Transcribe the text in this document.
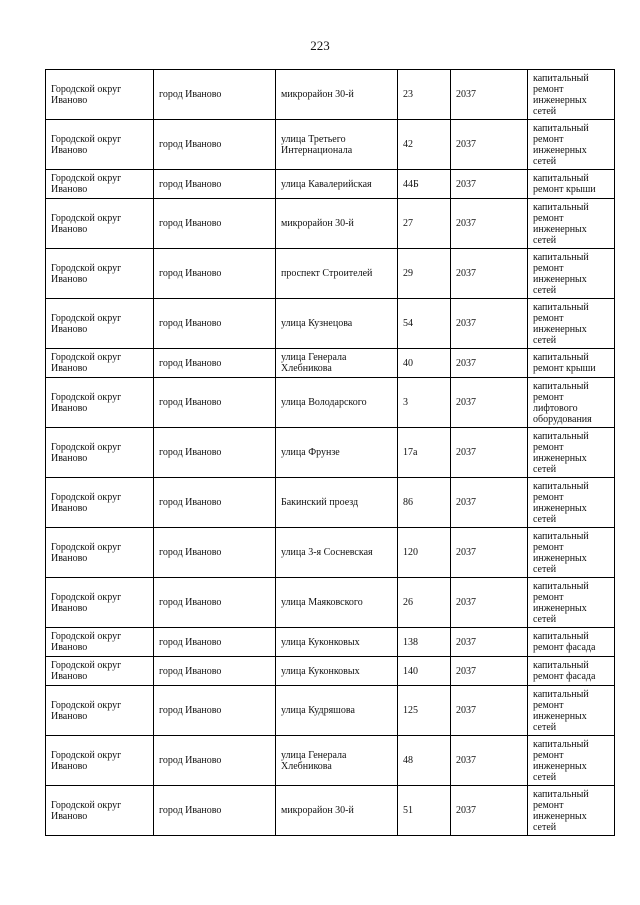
223
Городской округ Иваново	город Иваново	микрорайон 30-й	23	2037	капитальный ремонт инженерных сетей
Городской округ Иваново	город Иваново	улица Третьего Интернационала	42	2037	капитальный ремонт инженерных сетей
Городской округ Иваново	город Иваново	улица Кавалерийская	44Б	2037	капитальный ремонт крыши
Городской округ Иваново	город Иваново	микрорайон 30-й	27	2037	капитальный ремонт инженерных сетей
Городской округ Иваново	город Иваново	проспект Строителей	29	2037	капитальный ремонт инженерных сетей
Городской округ Иваново	город Иваново	улица Кузнецова	54	2037	капитальный ремонт инженерных сетей
Городской округ Иваново	город Иваново	улица Генерала Хлебникова	40	2037	капитальный ремонт крыши
Городской округ Иваново	город Иваново	улица Володарского	3	2037	капитальный ремонт лифтового оборудования
Городской округ Иваново	город Иваново	улица Фрунзе	17а	2037	капитальный ремонт инженерных сетей
Городской округ Иваново	город Иваново	Бакинский проезд	86	2037	капитальный ремонт инженерных сетей
Городской округ Иваново	город Иваново	улица 3-я Сосневская	120	2037	капитальный ремонт инженерных сетей
Городской округ Иваново	город Иваново	улица Маяковского	26	2037	капитальный ремонт инженерных сетей
Городской округ Иваново	город Иваново	улица Куконковых	138	2037	капитальный ремонт фасада
Городской округ Иваново	город Иваново	улица Куконковых	140	2037	капитальный ремонт фасада
Городской округ Иваново	город Иваново	улица Кудряшова	125	2037	капитальный ремонт инженерных сетей
Городской округ Иваново	город Иваново	улица Генерала Хлебникова	48	2037	капитальный ремонт инженерных сетей
Городской округ Иваново	город Иваново	микрорайон 30-й	51	2037	капитальный ремонт инженерных сетей
